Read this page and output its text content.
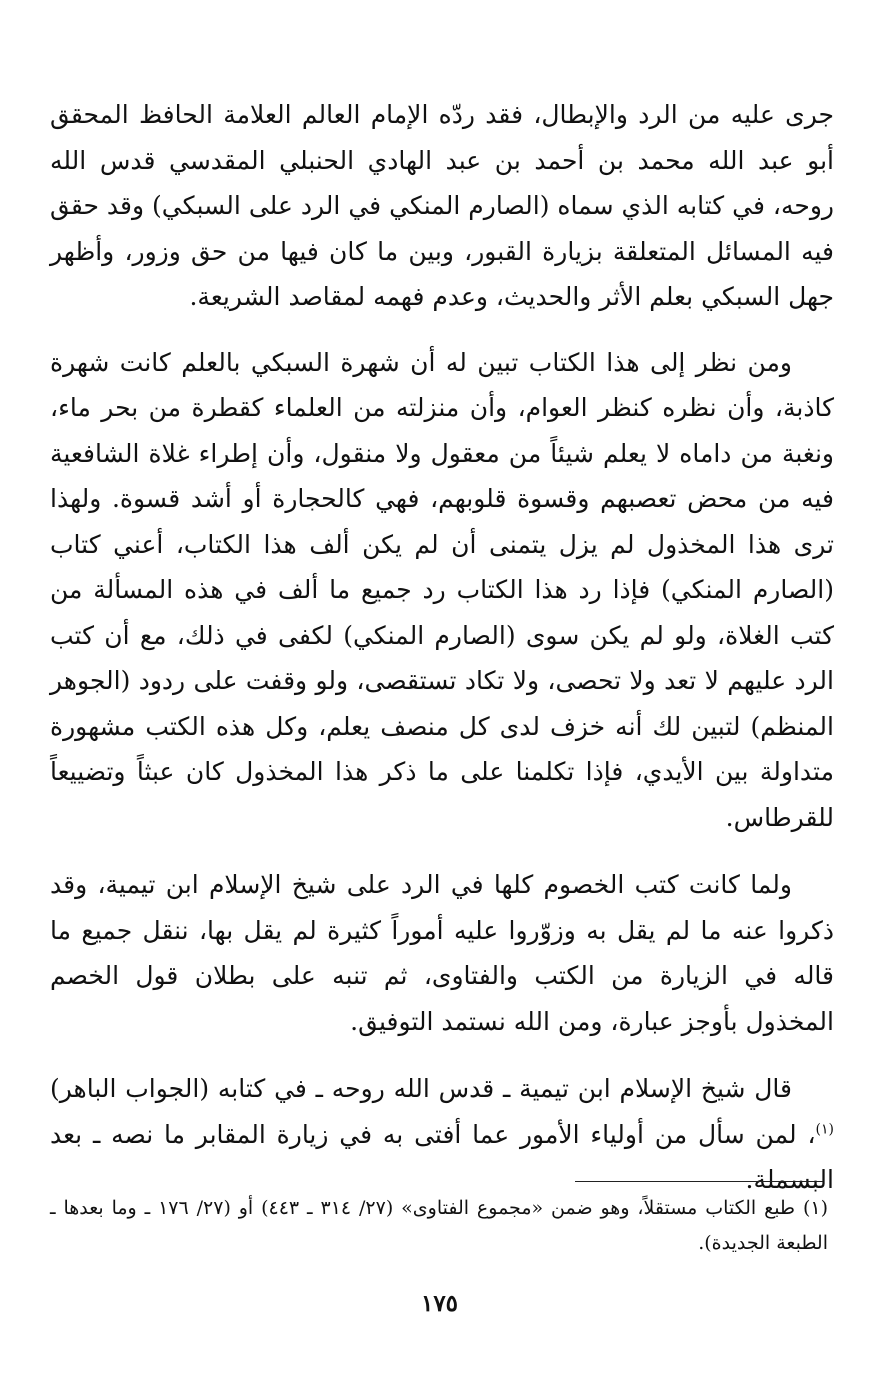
جرى عليه من الرد والإبطال، فقد ردّه الإمام العالم العلامة الحافظ المحقق أبو عبد الله محمد بن أحمد بن عبد الهادي الحنبلي المقدسي قدس الله روحه، في كتابه الذي سماه (الصارم المنكي في الرد على السبكي) وقد حقق فيه المسائل المتعلقة بزيارة القبور، وبين ما كان فيها من حق وزور، وأظهر جهل السبكي بعلم الأثر والحديث، وعدم فهمه لمقاصد الشريعة.

ومن نظر إلى هذا الكتاب تبين له أن شهرة السبكي بالعلم كانت شهرة كاذبة، وأن نظره كنظر العوام، وأن منزلته من العلماء كقطرة من بحر ماء، ونغبة من داماه لا يعلم شيئاً من معقول ولا منقول، وأن إطراء غلاة الشافعية فيه من محض تعصبهم وقسوة قلوبهم، فهي كالحجارة أو أشد قسوة. ولهذا ترى هذا المخذول لم يزل يتمنى أن لم يكن ألف هذا الكتاب، أعني كتاب (الصارم المنكي) فإذا رد هذا الكتاب رد جميع ما ألف في هذه المسألة من كتب الغلاة، ولو لم يكن سوى (الصارم المنكي) لكفى في ذلك، مع أن كتب الرد عليهم لا تعد ولا تحصى، ولا تكاد تستقصى، ولو وقفت على ردود (الجوهر المنظم) لتبين لك أنه خزف لدى كل منصف يعلم، وكل هذه الكتب مشهورة متداولة بين الأيدي، فإذا تكلمنا على ما ذكر هذا المخذول كان عبثاً وتضييعاً للقرطاس.

ولما كانت كتب الخصوم كلها في الرد على شيخ الإسلام ابن تيمية، وقد ذكروا عنه ما لم يقل به وزوّروا عليه أموراً كثيرة لم يقل بها، ننقل جميع ما قاله في الزيارة من الكتب والفتاوى، ثم تنبه على بطلان قول الخصم المخذول بأوجز عبارة، ومن الله نستمد التوفيق.

قال شيخ الإسلام ابن تيمية ـ قدس الله روحه ـ في كتابه (الجواب الباهر)$^{(١)}$، لمن سأل من أولياء الأمور عما أفتى به في زيارة المقابر ما نصه ـ بعد البسملة.

(١) طبع الكتاب مستقلاً، وهو ضمن «مجموع الفتاوى» (٢٧/ ٣١٤ ـ ٤٤٣) أو (٢٧/ ١٧٦ ـ وما بعدها ـ الطبعة الجديدة).

١٧٥
